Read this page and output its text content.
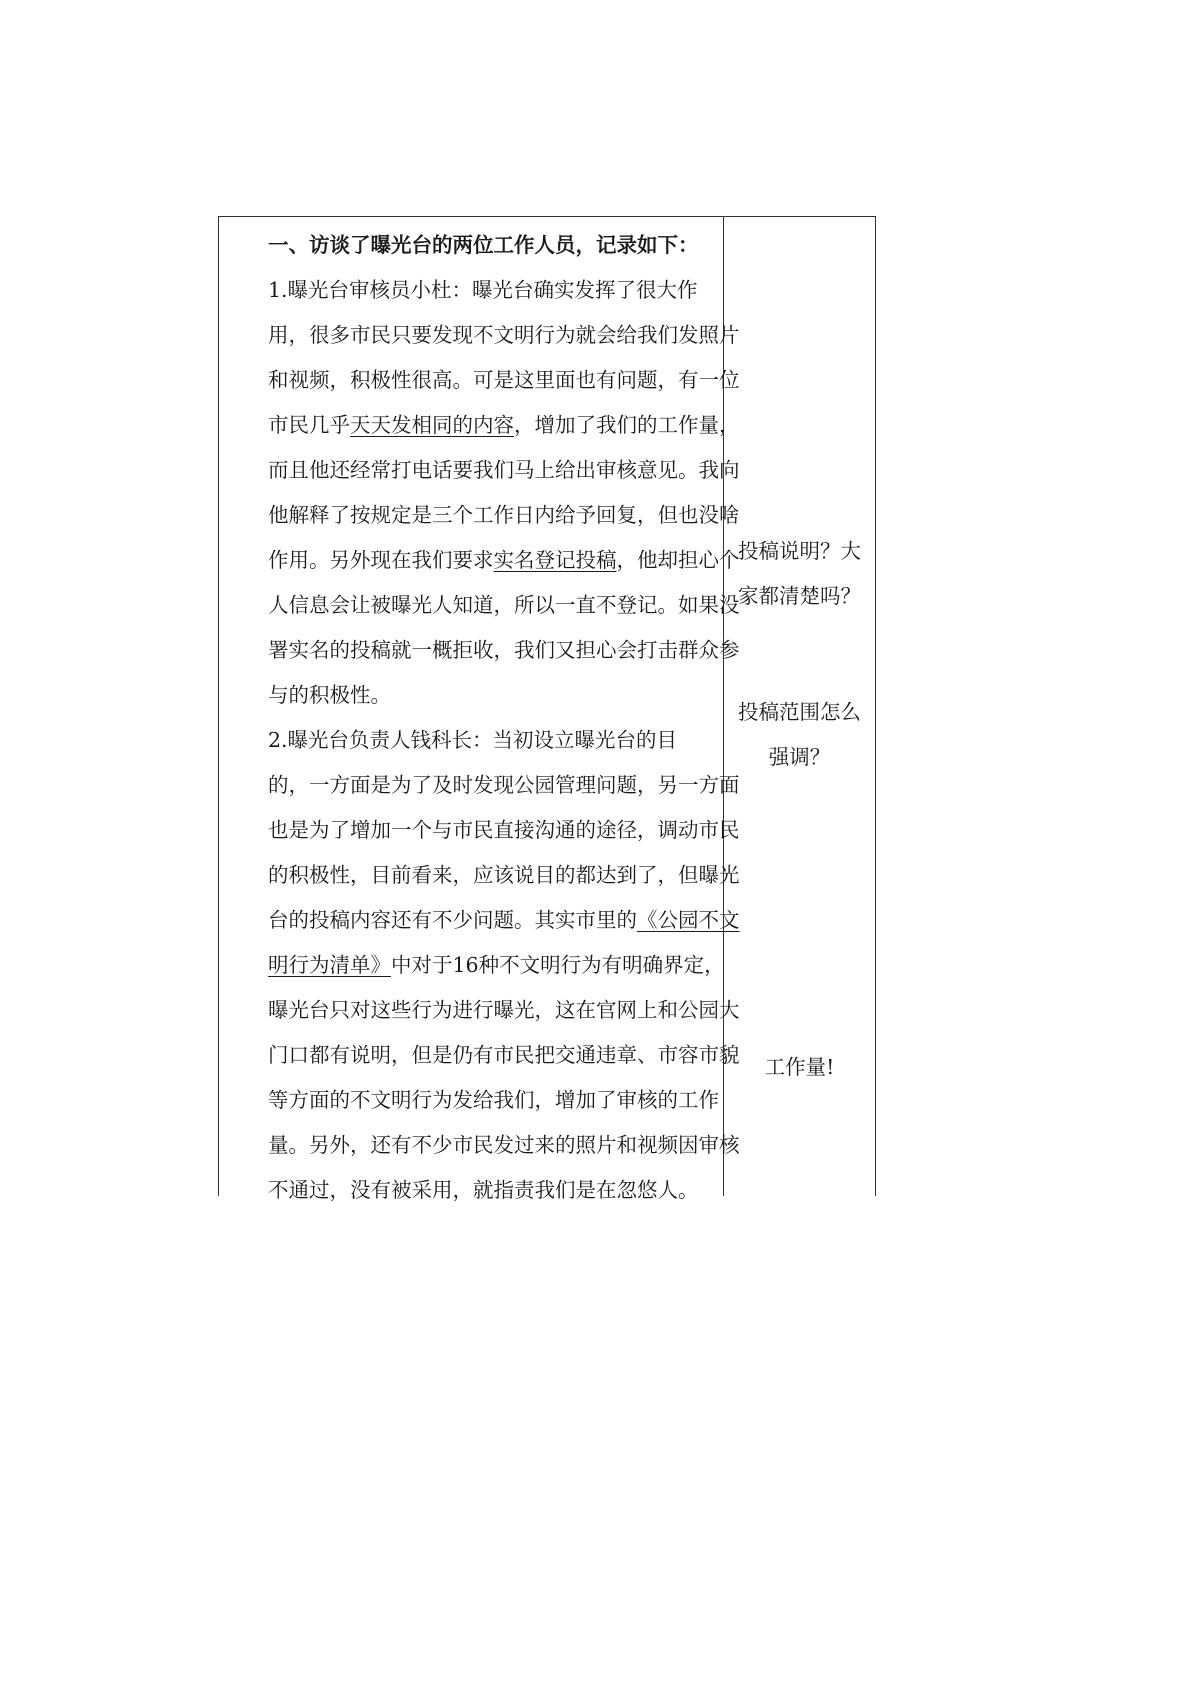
一、访谈了曝光台的两位工作人员，记录如下：
1.曝光台审核员小杜：曝光台确实发挥了很大作
用，很多市民只要发现不文明行为就会给我们发照片
和视频，积极性很高。可是这里面也有问题，有一位
市民几乎天天发相同的内容，增加了我们的工作量，
而且他还经常打电话要我们马上给出审核意见。我向
他解释了按规定是三个工作日内给予回复，但也没啥
作用。另外现在我们要求实名登记投稿，他却担心个
人信息会让被曝光人知道，所以一直不登记。如果没
署实名的投稿就一概拒收，我们又担心会打击群众参
与的积极性。
2.曝光台负责人钱科长：当初设立曝光台的目
的，一方面是为了及时发现公园管理问题，另一方面
也是为了增加一个与市民直接沟通的途径，调动市民
的积极性，目前看来，应该说目的都达到了，但曝光
台的投稿内容还有不少问题。其实市里的《公园不文
明行为清单》中对于16种不文明行为有明确界定，
曝光台只对这些行为进行曝光，这在官网上和公园大
门口都有说明，但是仍有市民把交通违章、市容市貌
等方面的不文明行为发给我们，增加了审核的工作
量。另外，还有不少市民发过来的照片和视频因审核
不通过，没有被采用，就指责我们是在忽悠人。
投稿说明？大
家都清楚吗？
投稿范围怎么
强调？
工作量!
